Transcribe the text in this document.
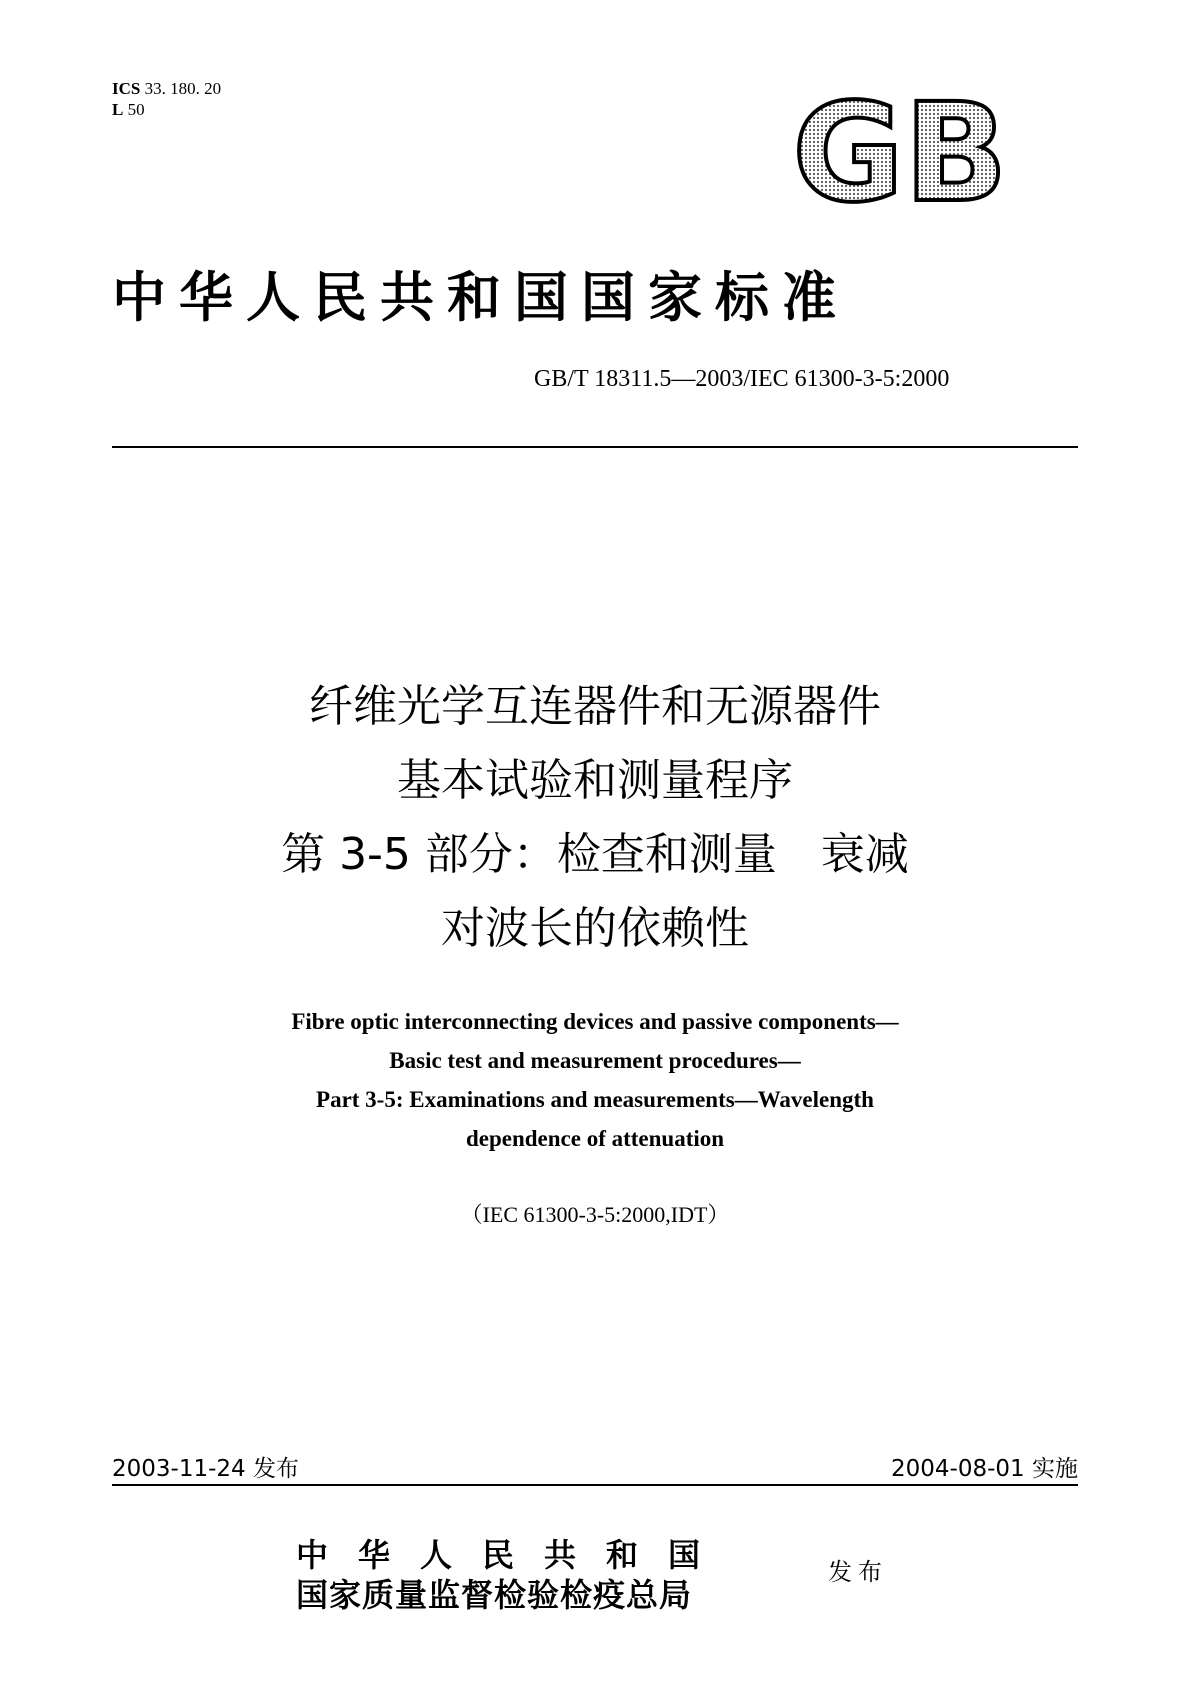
ICS 33. 180. 20
L 50	GB
中华人民共和国国家标准
GB/T 18311.5—2003/IEC 61300-3-5:2000
纤维光学互连器件和无源器件
基本试验和测量程序
第 3-5 部分：检查和测量　衰减
对波长的依赖性
Fibre optic interconnecting devices and passive components—
Basic test and measurement procedures—
Part 3-5: Examinations and measurements—Wavelength
dependence of attenuation
（IEC 61300-3-5:2000,IDT）
2003-11-24 发布	2004-08-01 实施
中华人民共和国
国家质量监督检验检疫总局
发布
